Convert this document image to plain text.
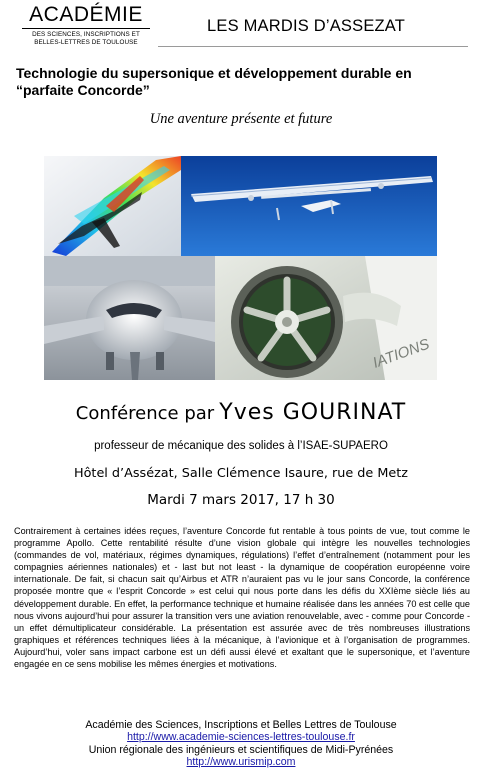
ACADÉMIE
DES SCIENCES, INSCRIPTIONS ET
BELLES-LETTRES DE TOULOUSE
LES MARDIS D’ASSEZAT
Technologie du supersonique et développement durable en “parfaite Concorde”
Une aventure présente et future
IATIONS
Conférence par Yves GOURINAT
professeur de mécanique des solides à l’ISAE-SUPAERO
Hôtel d’Assézat, Salle Clémence Isaure, rue de Metz
Mardi 7 mars 2017, 17 h 30
Contrairement à certaines idées reçues, l’aventure Concorde fut rentable à tous points de vue, tout comme le programme Apollo. Cette rentabilité résulte d’une vision globale qui intègre les nouvelles technologies (commandes de vol, matériaux, régimes dynamiques, régulations) l’effet d’entraînement (notamment pour les compagnies aériennes nationales) et - last but not least - la dynamique de coopération européenne voire internationale. De fait, si chacun sait qu’Airbus et ATR n’auraient pas vu le jour sans Concorde, la conférence proposée montre que « l’esprit Concorde » est celui qui nous porte dans les défis du XXIème siècle liés au développement durable. En effet, la performance technique et humaine réalisée dans les années 70 est celle que nous vivons aujourd’hui pour assurer la transition vers une aviation renouvelable, avec - comme pour Concorde - un effet démultiplicateur considérable. La présentation est assurée avec de très nombreuses illustrations graphiques et références techniques liées à la mécanique, à l’avionique et à l’organisation de programmes. Aujourd’hui, voler sans impact carbone est un défi aussi élevé et exaltant que le supersonique, et l’aventure engagée en ce sens mobilise les mêmes énergies et motivations.
Académie des Sciences, Inscriptions et Belles Lettres de Toulouse
http://www.academie-sciences-lettres-toulouse.fr
Union régionale des ingénieurs et scientifiques de Midi-Pyrénées
http://www.urismip.com
